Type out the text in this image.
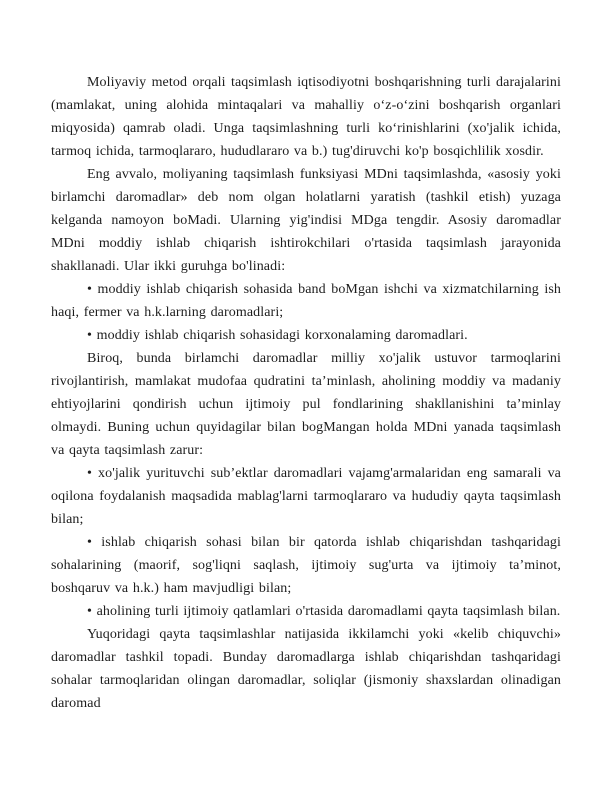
Moliyaviy metod orqali taqsimlash iqtisodiyotni boshqarishning turli darajalarini (mamlakat, uning alohida mintaqalari va mahalliy o‘z-o‘zini boshqarish organlari miqyosida) qamrab oladi. Unga taqsimlashning turli ko‘rinishlarini (xo'jalik ichida, tarmoq ichida, tarmoqlararo, hududlararo va b.) tug'diruvchi ko'p bosqichlilik xosdir.

Eng avvalo, moliyaning taqsimlash funksiyasi MDni taqsimlashda, «asosiy yoki birlamchi daromadlar» deb nom olgan holatlarni yaratish (tashkil etish) yuzaga kelganda namoyon boMadi. Ularning yig'indisi MDga tengdir. Asosiy daromadlar MDni moddiy ishlab chiqarish ishtirokchilari o'rtasida taqsimlash jarayonida shakllanadi. Ular ikki guruhga bo'linadi:

• moddiy ishlab chiqarish sohasida band boMgan ishchi va xizmatchilarning ish haqi, fermer va h.k.larning daromadlari;

• moddiy ishlab chiqarish sohasidagi korxonalaming daromadlari.

Biroq, bunda birlamchi daromadlar milliy xo'jalik ustuvor tarmoqlarini rivojlantirish, mamlakat mudofaa qudratini ta’minlash, aholining moddiy va madaniy ehtiyojlarini qondirish uchun ijtimoiy pul fondlarining shakllanishini ta’minlay olmaydi. Buning uchun quyidagilar bilan bogMangan holda MDni yanada taqsimlash va qayta taqsimlash zarur:

• xo'jalik yurituvchi sub’ektlar daromadlari vajamg'armalaridan eng samarali va oqilona foydalanish maqsadida mablag'larni tarmoqlararo va hududiy qayta taqsimlash bilan;

• ishlab chiqarish sohasi bilan bir qatorda ishlab chiqarishdan tashqaridagi sohalarining (maorif, sog'liqni saqlash, ijtimoiy sug'urta va ijtimoiy ta’minot, boshqaruv va h.k.) ham mavjudligi bilan;

• aholining turli ijtimoiy qatlamlari o'rtasida daromadlami qayta taqsimlash bilan.

Yuqoridagi qayta taqsimlashlar natijasida ikkilamchi yoki «kelib chiquvchi» daromadlar tashkil topadi. Bunday daromadlarga ishlab chiqarishdan tashqaridagi sohalar tarmoqlaridan olingan daromadlar, soliqlar (jismoniy shaxslardan olinadigan daromad
